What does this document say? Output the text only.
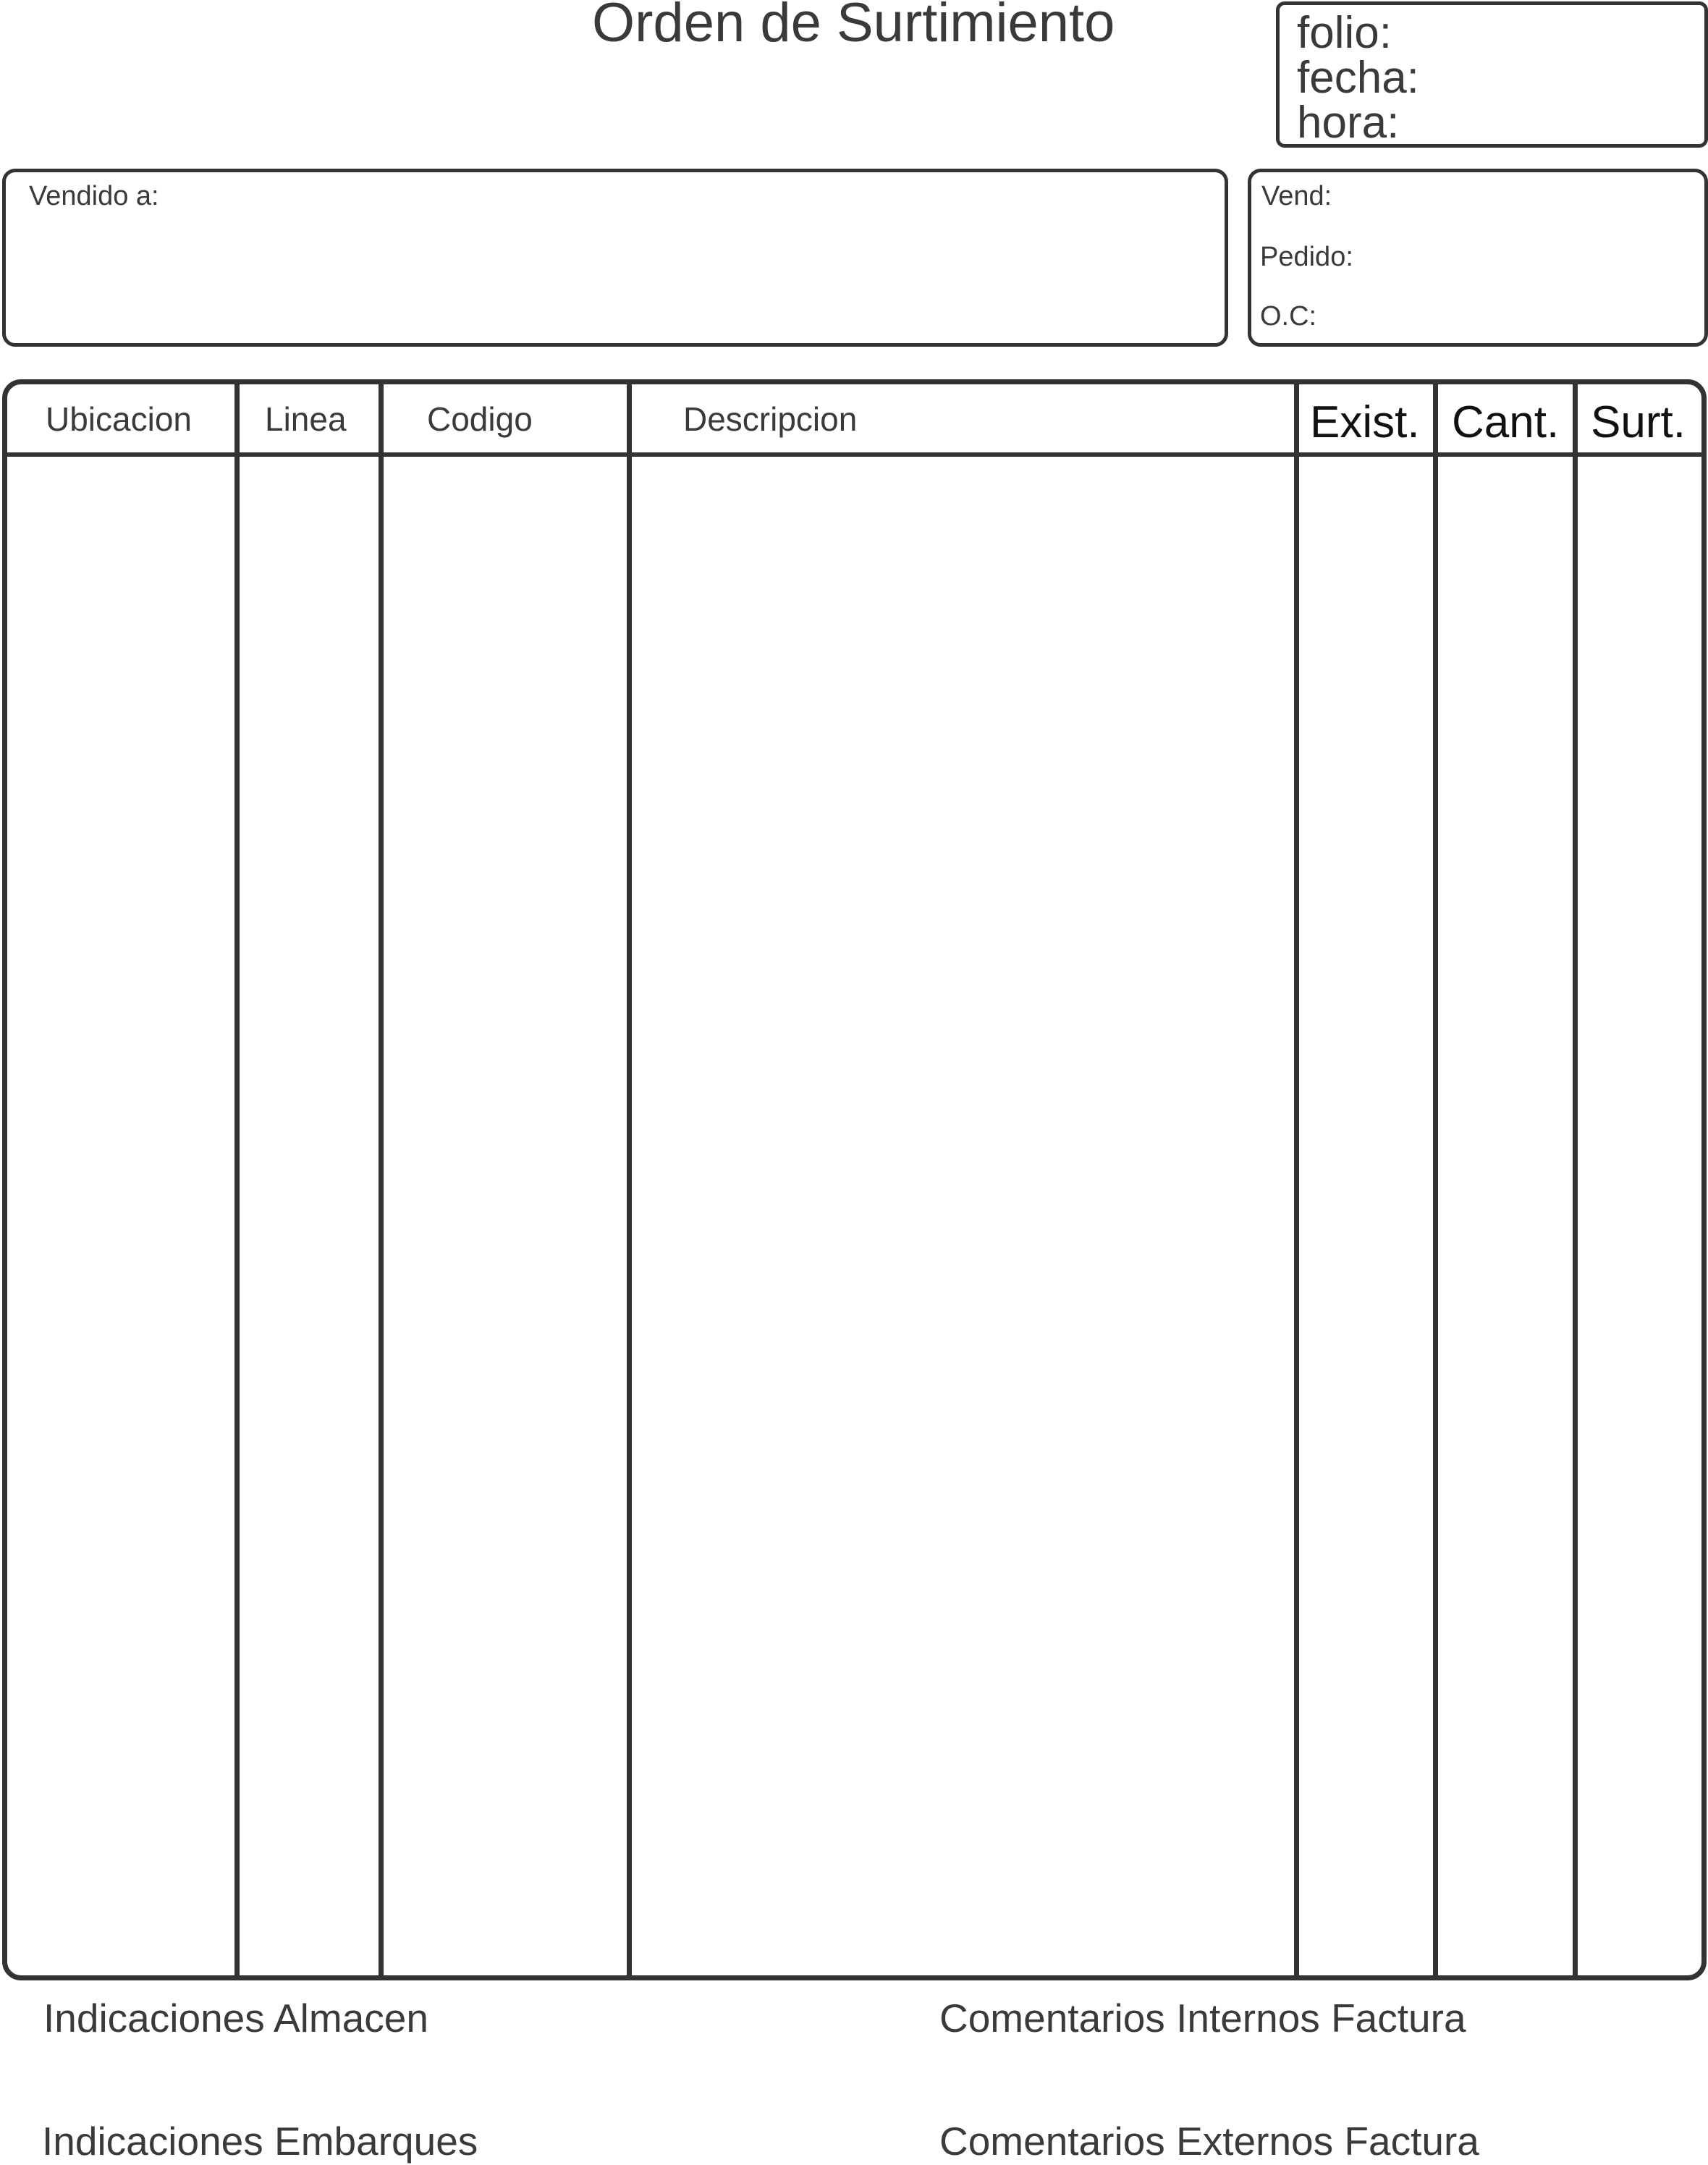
Orden de Surtimiento	folio:
fecha:
hora:
Vendido a:	Vend:
Pedido:
O.C:
Ubicacion Linea Codigo	Descripcion	Exist. Cant. Surt.
Indicaciones Almacen	Comentarios Internos Factura
Indicaciones Embarques	Comentarios Externos Factura
